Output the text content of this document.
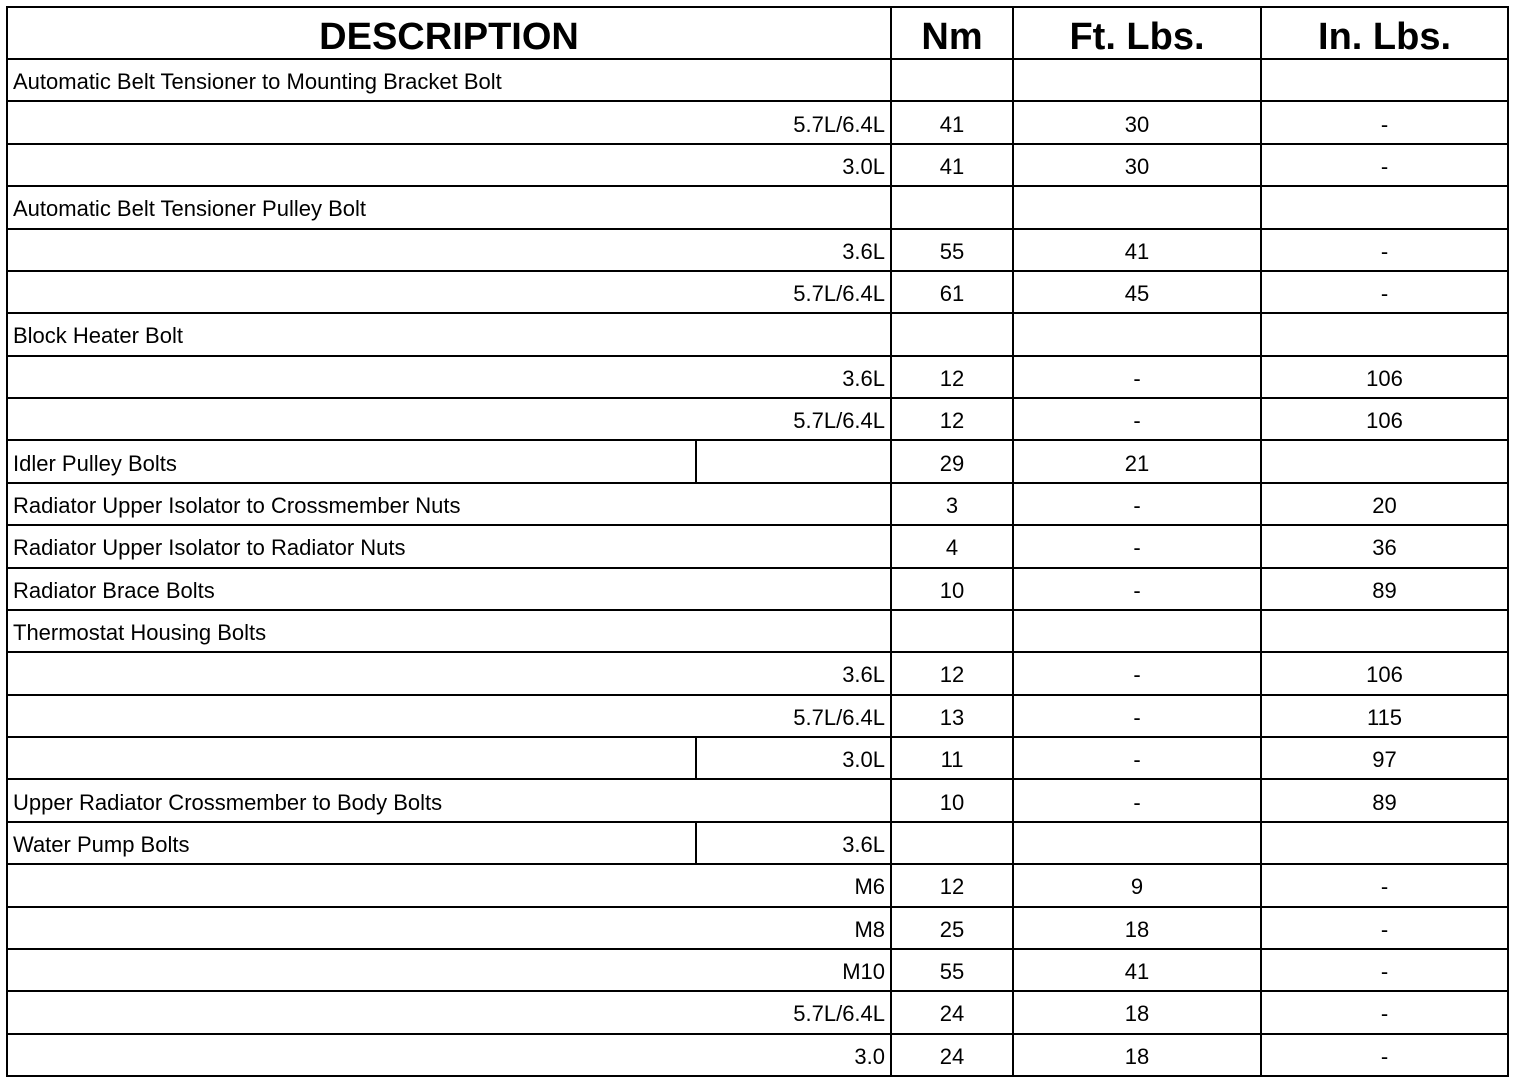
DESCRIPTION		Nm	Ft. Lbs.	In. Lbs.
Automatic Belt Tensioner to Mounting Bracket Bolt				
5.7L/6.4L		41	30	-
3.0L		41	30	-
Automatic Belt Tensioner Pulley Bolt				
3.6L		55	41	-
5.7L/6.4L		61	45	-
Block Heater Bolt				
3.6L		12	-	106
5.7L/6.4L		12	-	106
Idler Pulley Bolts		29	21	
Radiator Upper Isolator to Crossmember Nuts		3	-	20
Radiator Upper Isolator to Radiator Nuts		4	-	36
Radiator Brace Bolts		10	-	89
Thermostat Housing Bolts				
3.6L		12	-	106
5.7L/6.4L		13	-	115
	3.0L	11	-	97
Upper Radiator Crossmember to Body Bolts		10	-	89
Water Pump Bolts	3.6L			
M6		12	9	-
M8		25	18	-
M10		55	41	-
5.7L/6.4L		24	18	-
3.0		24	18	-
